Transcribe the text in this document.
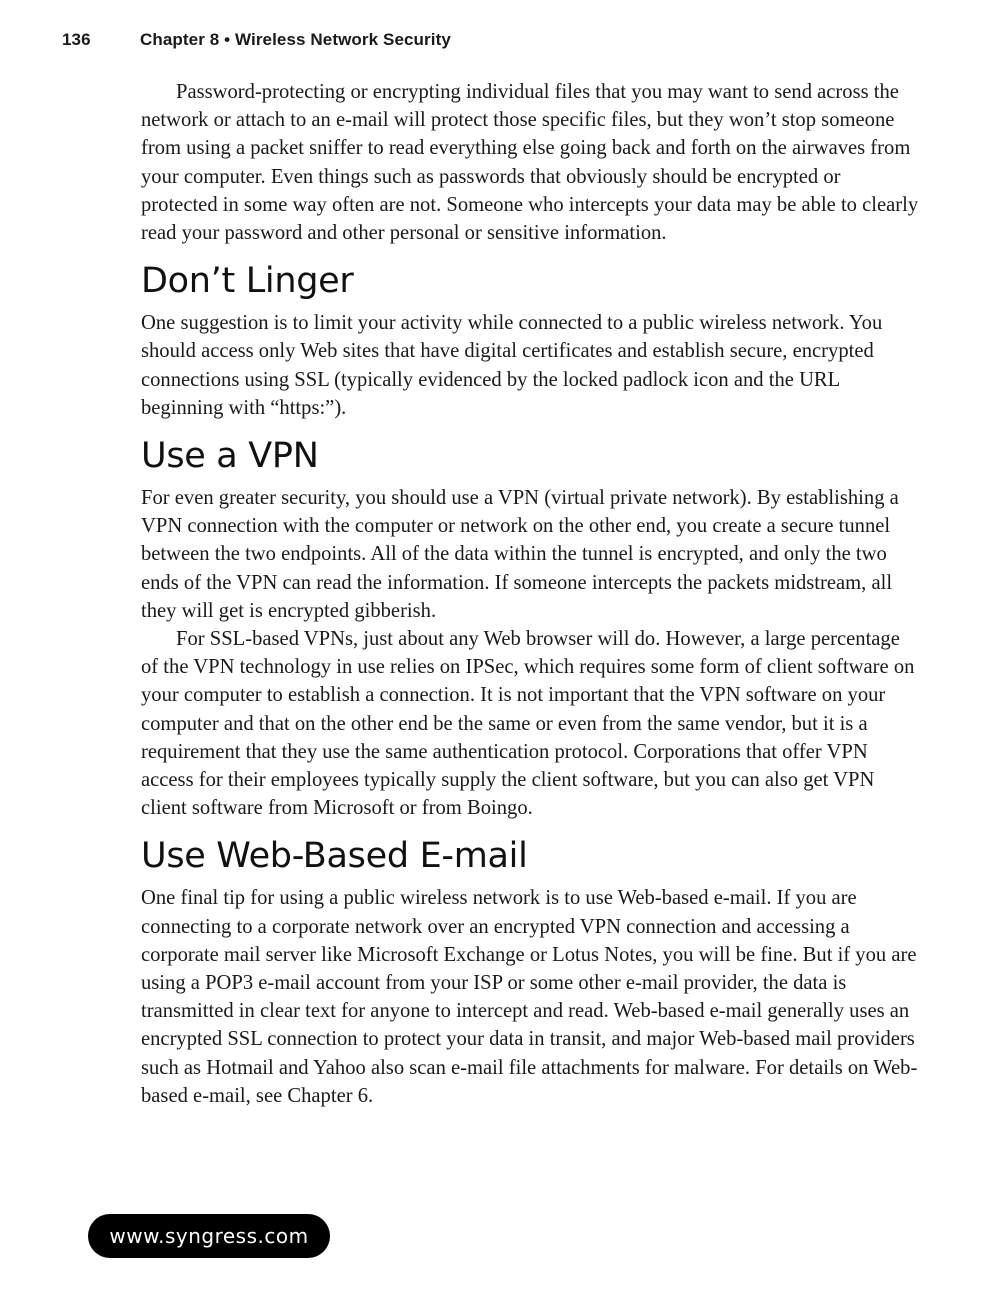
136	Chapter 8 • Wireless Network Security

Password-protecting or encrypting individual files that you may want to send across the network or attach to an e-mail will protect those specific files, but they won’t stop someone from using a packet sniffer to read everything else going back and forth on the airwaves from your computer. Even things such as passwords that obviously should be encrypted or protected in some way often are not. Someone who intercepts your data may be able to clearly read your password and other personal or sensitive information.

Don’t Linger

One suggestion is to limit your activity while connected to a public wireless network. You should access only Web sites that have digital certificates and establish secure, encrypted connections using SSL (typically evidenced by the locked padlock icon and the URL beginning with “https:”).

Use a VPN

For even greater security, you should use a VPN (virtual private network). By establishing a VPN connection with the computer or network on the other end, you create a secure tunnel between the two endpoints. All of the data within the tunnel is encrypted, and only the two ends of the VPN can read the information. If someone intercepts the packets midstream, all they will get is encrypted gibberish.

For SSL-based VPNs, just about any Web browser will do. However, a large percentage of the VPN technology in use relies on IPSec, which requires some form of client software on your computer to establish a connection. It is not important that the VPN software on your computer and that on the other end be the same or even from the same vendor, but it is a requirement that they use the same authentication protocol. Corporations that offer VPN access for their employees typically supply the client software, but you can also get VPN client software from Microsoft or from Boingo.

Use Web-Based E-mail

One final tip for using a public wireless network is to use Web-based e-mail. If you are connecting to a corporate network over an encrypted VPN connection and accessing a corporate mail server like Microsoft Exchange or Lotus Notes, you will be fine. But if you are using a POP3 e-mail account from your ISP or some other e-mail provider, the data is transmitted in clear text for anyone to intercept and read. Web-based e-mail generally uses an encrypted SSL connection to protect your data in transit, and major Web-based mail providers such as Hotmail and Yahoo also scan e-mail file attachments for malware. For details on Web-based e-mail, see Chapter 6.

www.syngress.com
